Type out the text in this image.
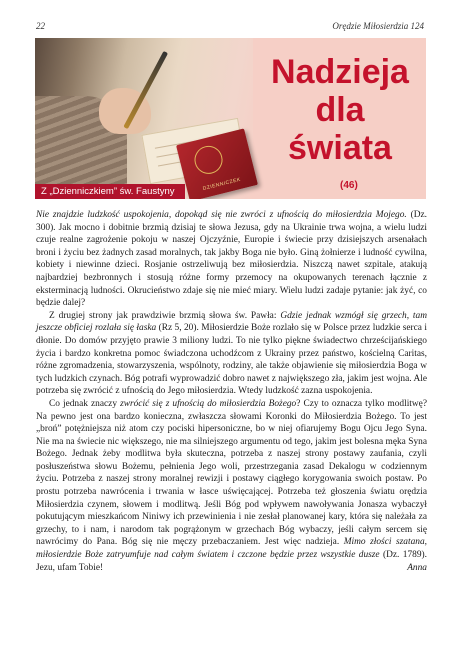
22	Orędzie Miłosierdzia 124
DZIENNICZEK
Nadzieja
dla
świata
(46)
Z „Dzienniczkiem” św. Faustyny

Nie znajdzie ludzkość uspokojenia, dopokąd się nie zwróci z ufnością do miłosierdzia Mojego. (Dz. 300). Jak mocno i dobitnie brzmią dzisiaj te słowa Jezusa, gdy na Ukrainie trwa wojna, a wielu ludzi czuje realne zagrożenie pokoju w naszej Ojczyźnie, Europie i świecie przy dzisiejszych arsenałach broni i życiu bez żadnych zasad moralnych, tak jakby Boga nie było. Giną żołnierze i ludność cywilna, kobiety i niewinne dzieci. Rosjanie ostrzeliwują bez miłosierdzia. Niszczą nawet szpitale, atakują najbardziej bezbronnych i stosują różne formy przemocy na okupowanych terenach łącznie z eksterminacją ludności. Okrucieństwo zdaje się nie mieć miary. Wielu ludzi zadaje pytanie: jak żyć, co będzie dalej?

Z drugiej strony jak prawdziwie brzmią słowa św. Pawła: Gdzie jednak wzmógł się grzech, tam jeszcze obficiej rozlała się łaska (Rz 5, 20). Miłosierdzie Boże rozlało się w Polsce przez ludzkie serca i dłonie. Do domów przyjęto prawie 3 miliony ludzi. To nie tylko piękne świadectwo chrześcijańskiego życia i bardzo konkretna pomoc świadczona uchodźcom z Ukrainy przez państwo, kościelną Caritas, różne zgromadzenia, stowarzyszenia, wspólnoty, rodziny, ale także objawienie się miłosierdzia Boga w tych ludzkich czynach. Bóg potrafi wyprowadzić dobro nawet z największego zła, jakim jest wojna. Ale potrzeba się zwrócić z ufnością do Jego miłosierdzia. Wtedy ludzkość zazna uspokojenia.

Co jednak znaczy zwrócić się z ufnością do miłosierdzia Bożego? Czy to oznacza tylko modlitwę? Na pewno jest ona bardzo konieczna, zwłaszcza słowami Koronki do Miłosierdzia Bożego. To jest „broń” potężniejsza niż atom czy pociski hipersoniczne, bo w niej ofiarujemy Bogu Ojcu Jego Syna. Nie ma na świecie nic większego, nie ma silniejszego argumentu od tego, jakim jest bolesna męka Syna Bożego. Jednak żeby modlitwa była skuteczna, potrzeba z naszej strony postawy zaufania, czyli posłuszeństwa słowu Bożemu, pełnienia Jego woli, przestrzegania zasad Dekalogu w codziennym życiu. Potrzeba z naszej strony moralnej rewizji i postawy ciągłego korygowania swoich postaw. Po prostu potrzeba nawrócenia i trwania w łasce uświęcającej. Potrzeba też głoszenia światu orędzia Miłosierdzia czynem, słowem i modlitwą. Jeśli Bóg pod wpływem nawoływania Jonasza wybaczył pokutującym mieszkańcom Niniwy ich przewinienia i nie zesłał planowanej kary, która się należała za grzechy, to i nam, i narodom tak pogrążonym w grzechach Bóg wybaczy, jeśli całym sercem się nawrócimy do Pana. Bóg się nie męczy przebaczaniem. Jest więc nadzieja. Mimo złości szatana, miłosierdzie Boże zatryumfuje nad całym światem i czczone będzie przez wszystkie dusze (Dz. 1789). Jezu, ufam Tobie!	Anna
